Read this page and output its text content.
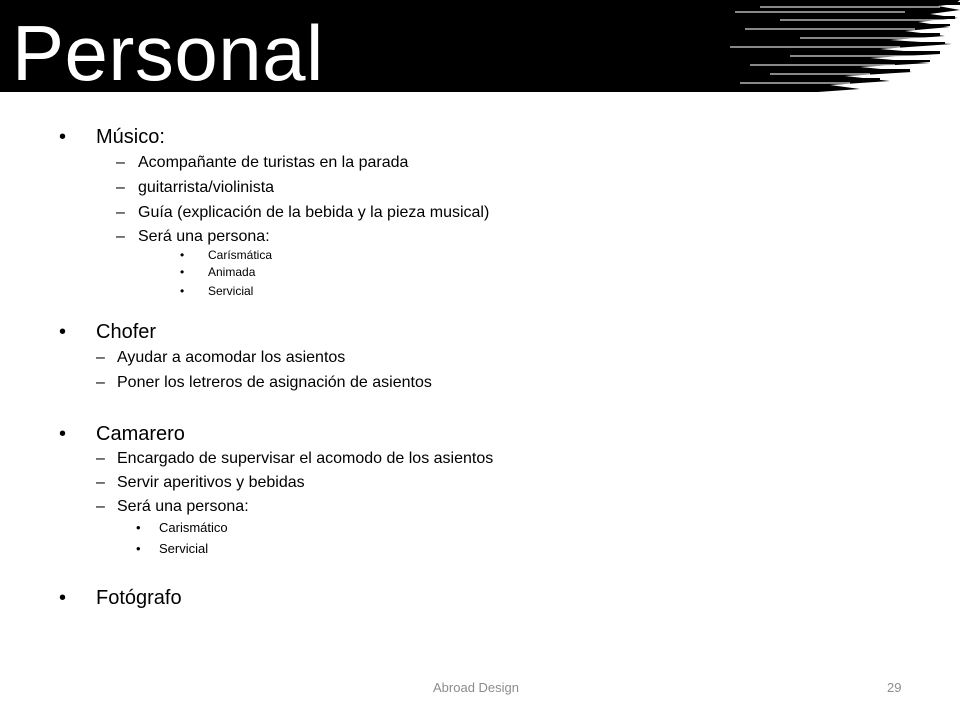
Personal
• Músico:
– Acompañante de turistas en la parada
– guitarrista/violinista
– Guía (explicación de la bebida y la pieza musical)
– Será una persona:
• Carísmática
• Animada
• Servicial
• Chofer
– Ayudar a acomodar los asientos
– Poner los letreros de asignación de asientos
• Camarero
– Encargado de supervisar el acomodo de los asientos
– Servir aperitivos y bebidas
– Será una persona:
• Carismático
• Servicial
• Fotógrafo
Abroad Design	29
